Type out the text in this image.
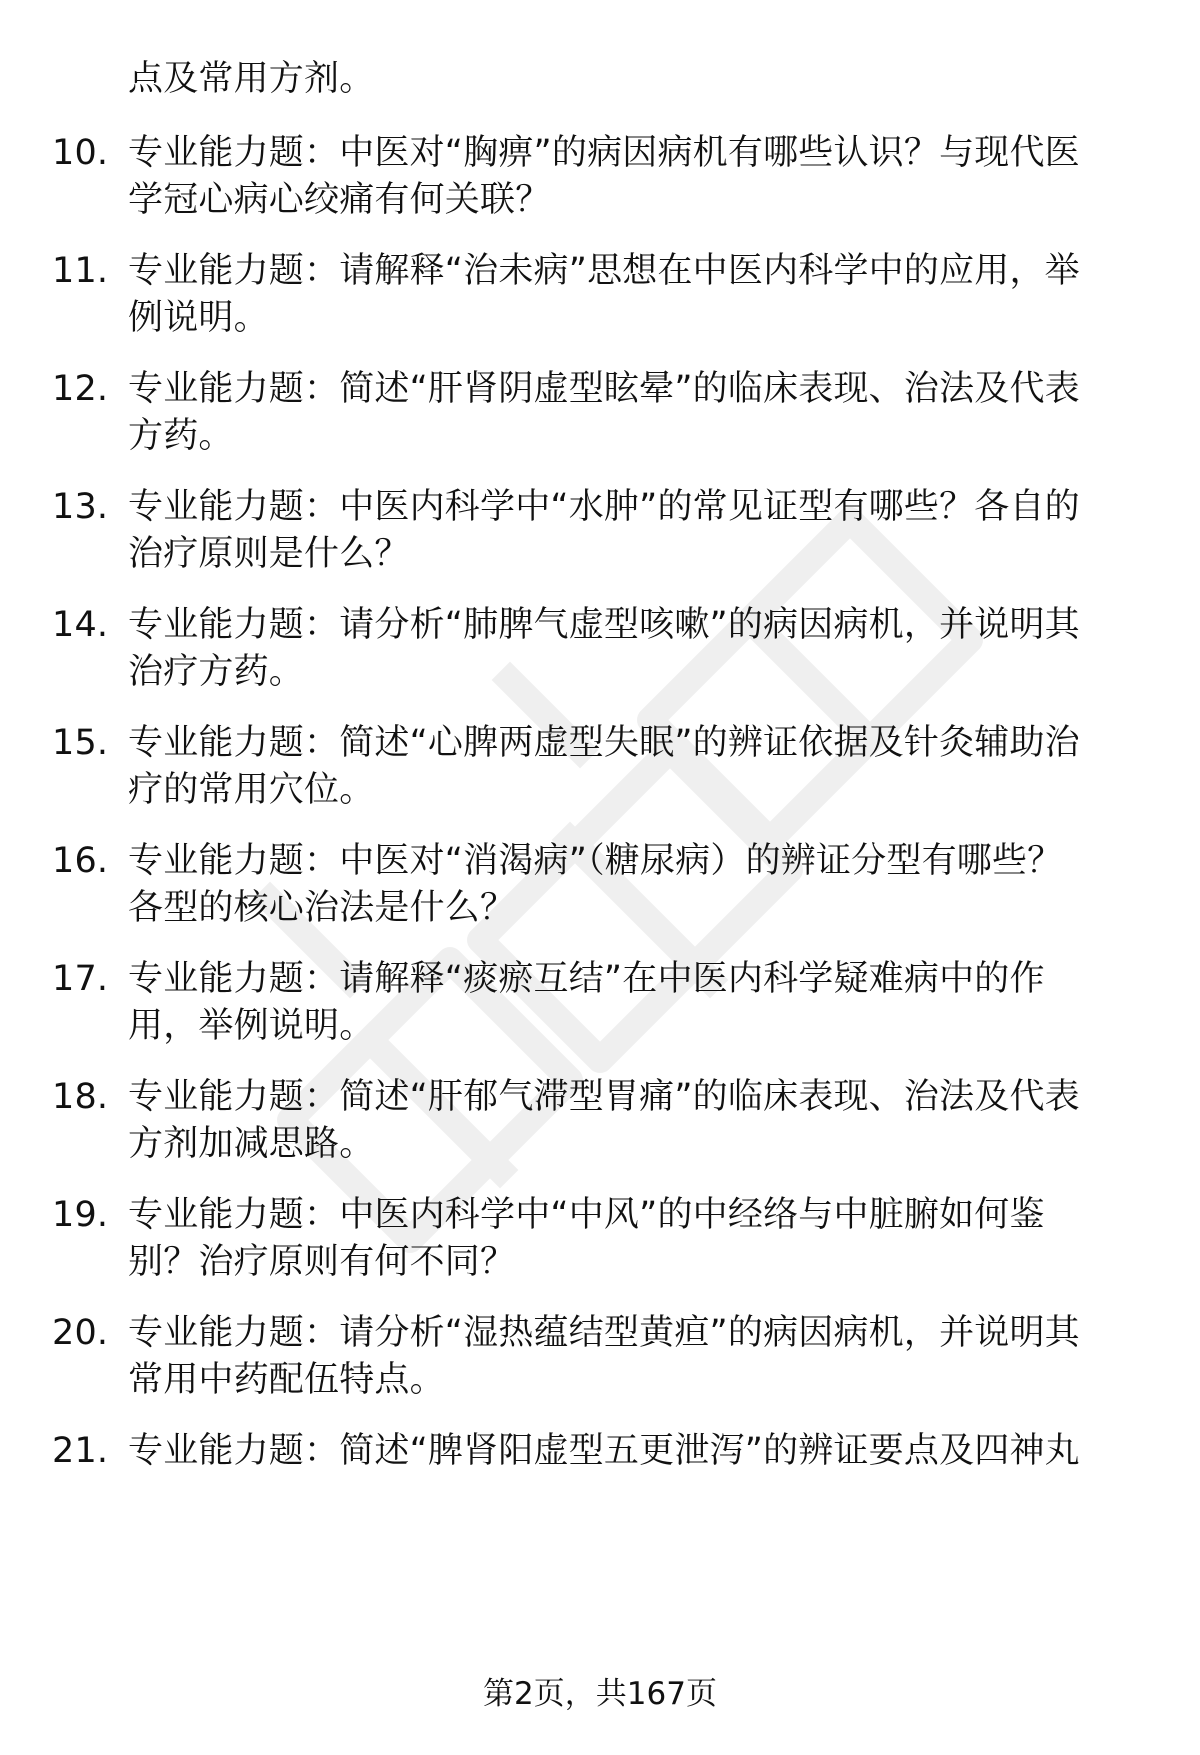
点及常用方剂。
10. 专业能力题：中医对“胸痹”的病因病机有哪些认识？与现代医
学冠心病心绞痛有何关联？
11. 专业能力题：请解释“治未病”思想在中医内科学中的应用，举
例说明。
12. 专业能力题：简述“肝肾阴虚型眩晕”的临床表现、治法及代表
方药。
13. 专业能力题：中医内科学中“水肿”的常见证型有哪些？各自的
治疗原则是什么？
14. 专业能力题：请分析“肺脾气虚型咳嗽”的病因病机，并说明其
治疗方药。
15. 专业能力题：简述“心脾两虚型失眠”的辨证依据及针灸辅助治
疗的常用穴位。
16. 专业能力题：中医对“消渴病”（糖尿病）的辨证分型有哪些？
各型的核心治法是什么？
17. 专业能力题：请解释“痰瘀互结”在中医内科学疑难病中的作
用，举例说明。
18. 专业能力题：简述“肝郁气滞型胃痛”的临床表现、治法及代表
方剂加减思路。
19. 专业能力题：中医内科学中“中风”的中经络与中脏腑如何鉴
别？治疗原则有何不同？
20. 专业能力题：请分析“湿热蕴结型黄疸”的病因病机，并说明其
常用中药配伍特点。
21. 专业能力题：简述“脾肾阳虚型五更泄泻”的辨证要点及四神丸
第2页，共167页
